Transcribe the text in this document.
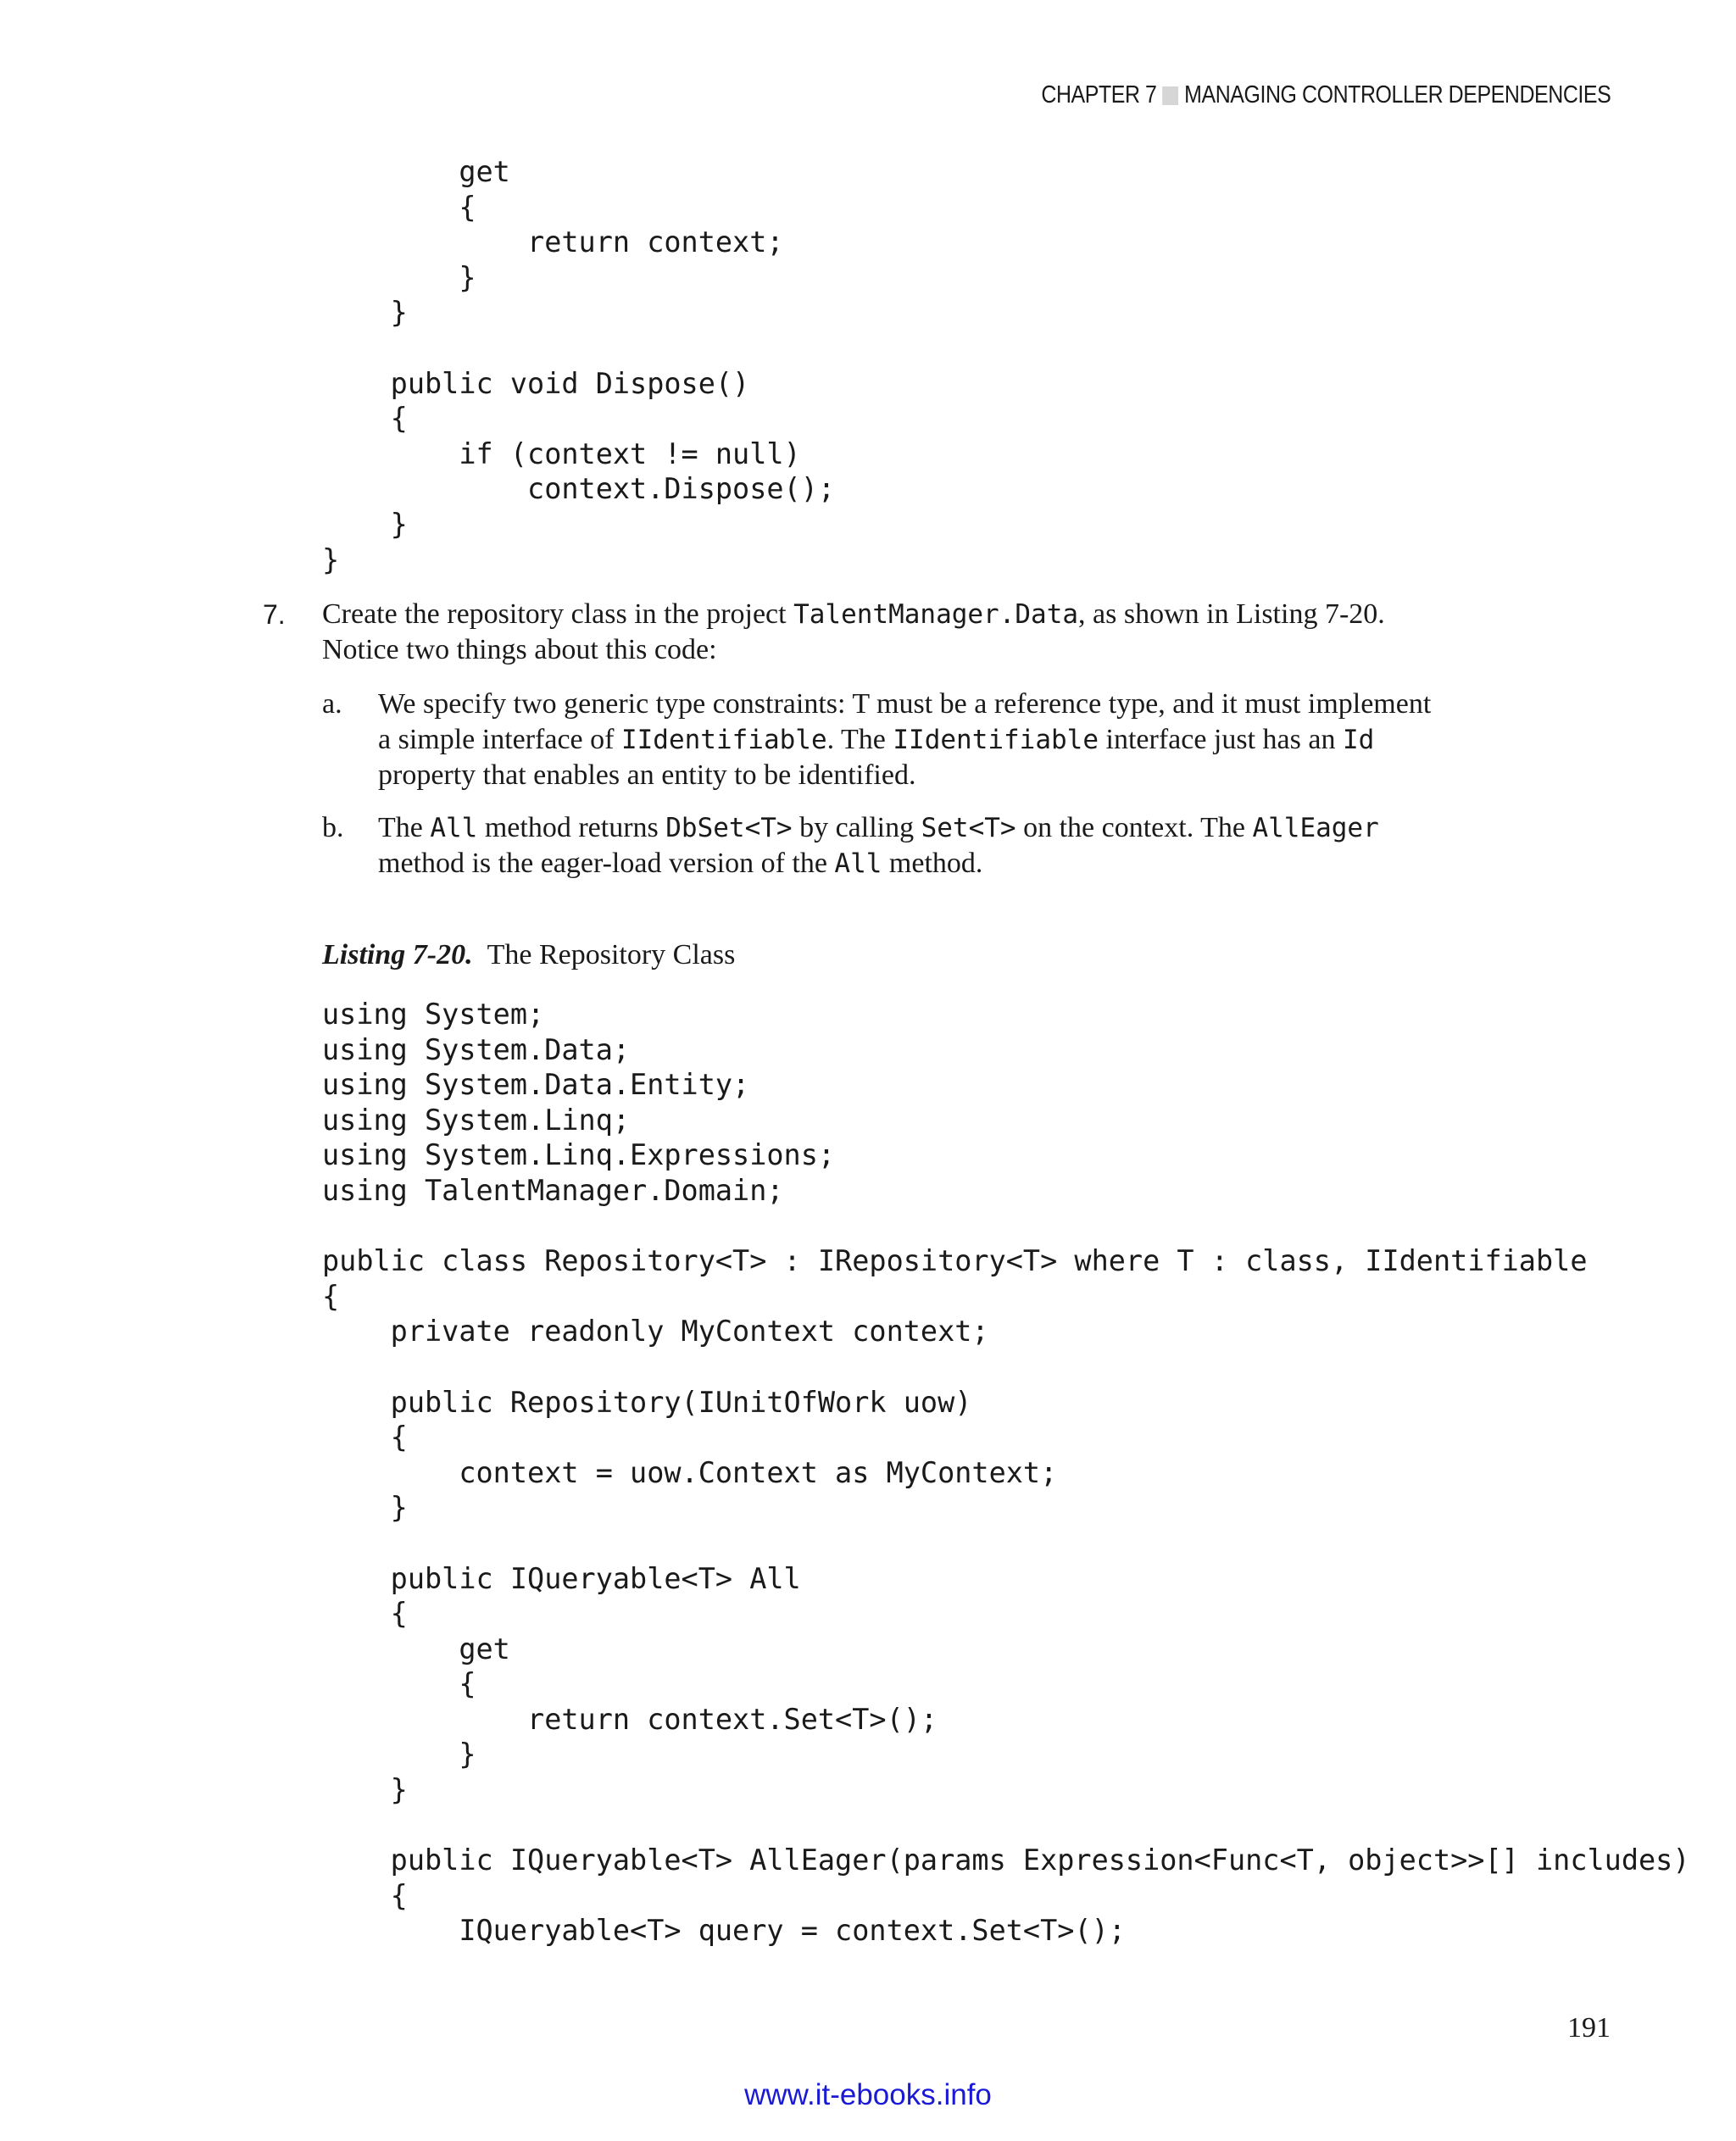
CHAPTER 7 MANAGING CONTROLLER DEPENDENCIES
get
{
return context;
}
}

public void Dispose()
{
if (context != null)
context.Dispose();
}
}
7. Create the repository class in the project TalentManager.Data, as shown in Listing 7-20. Notice two things about this code:
a. We specify two generic type constraints: T must be a reference type, and it must implement a simple interface of IIdentifiable. The IIdentifiable interface just has an Id property that enables an entity to be identified.
b. The All method returns DbSet<T> by calling Set<T> on the context. The AllEager method is the eager-load version of the All method.
Listing 7-20. The Repository Class
using System;
using System.Data;
using System.Data.Entity;
using System.Linq;
using System.Linq.Expressions;
using TalentManager.Domain;

public class Repository<T> : IRepository<T> where T : class, IIdentifiable
{
private readonly MyContext context;

public Repository(IUnitOfWork uow)
{
context = uow.Context as MyContext;
}

public IQueryable<T> All
{
get
{
return context.Set<T>();
}
}

public IQueryable<T> AllEager(params Expression<Func<T, object>>[] includes)
{
IQueryable<T> query = context.Set<T>();
191
www.it-ebooks.info
